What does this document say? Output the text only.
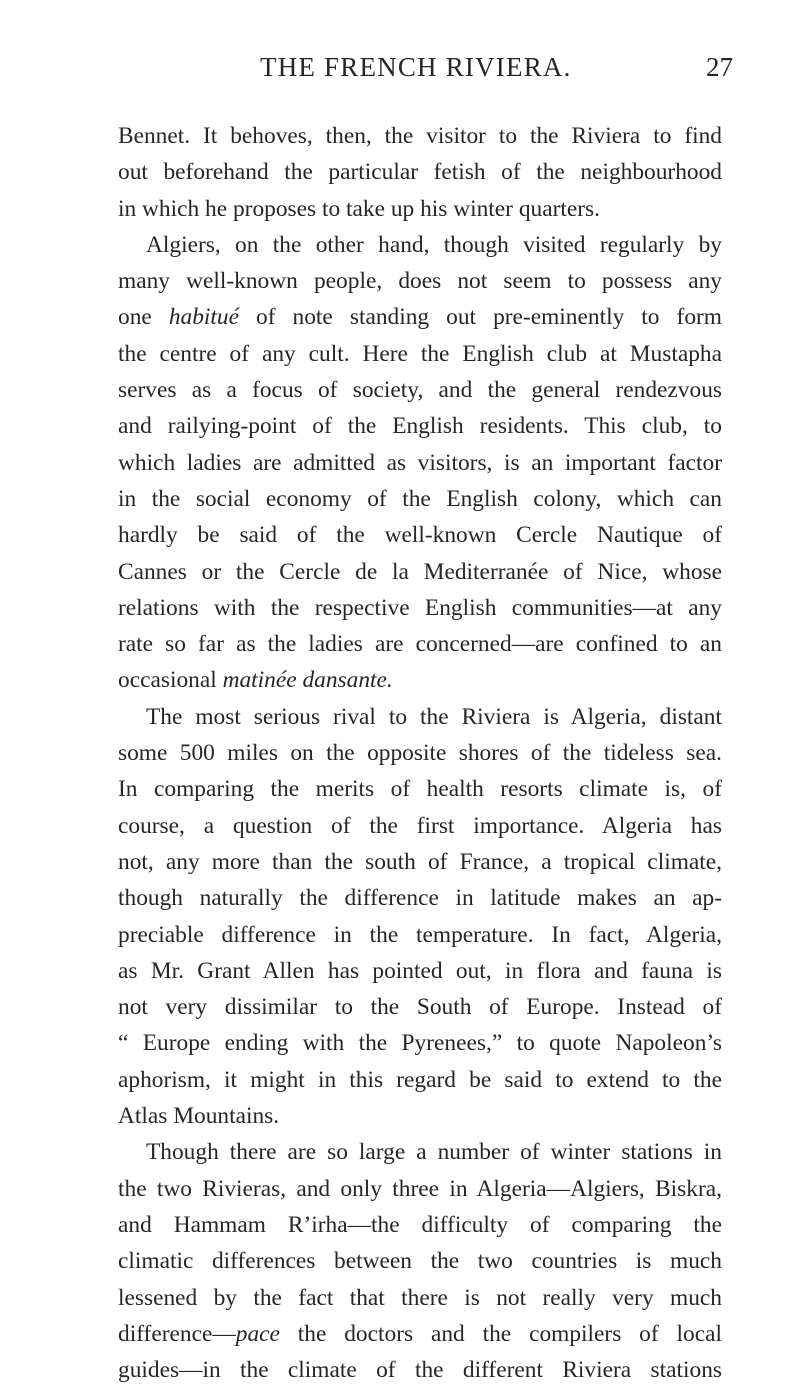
THE FRENCH RIVIERA.	27
Bennet. It behoves, then, the visitor to the Riviera to find
out beforehand the particular fetish of the neighbourhood
in which he proposes to take up his winter quarters.
Algiers, on the other hand, though visited regularly by
many well-known people, does not seem to possess any
one habitué of note standing out pre-eminently to form
the centre of any cult. Here the English club at Mustapha
serves as a focus of society, and the general rendezvous
and railying-point of the English residents. This club, to
which ladies are admitted as visitors, is an important factor
in the social economy of the English colony, which can
hardly be said of the well-known Cercle Nautique of
Cannes or the Cercle de la Mediterranée of Nice, whose
relations with the respective English communities—at any
rate so far as the ladies are concerned—are confined to an
occasional matinée dansante.
The most serious rival to the Riviera is Algeria, distant
some 500 miles on the opposite shores of the tideless sea.
In comparing the merits of health resorts climate is, of
course, a question of the first importance. Algeria has
not, any more than the south of France, a tropical climate,
though naturally the difference in latitude makes an ap-
preciable difference in the temperature. In fact, Algeria,
as Mr. Grant Allen has pointed out, in flora and fauna is
not very dissimilar to the South of Europe. Instead of
“ Europe ending with the Pyrenees,” to quote Napoleon’s
aphorism, it might in this regard be said to extend to the
Atlas Mountains.
Though there are so large a number of winter stations in
the two Rivieras, and only three in Algeria—Algiers, Biskra,
and Hammam R’irha—the difficulty of comparing the
climatic differences between the two countries is much
lessened by the fact that there is not really very much
difference—pace the doctors and the compilers of local
guides—in the climate of the different Riviera stations
